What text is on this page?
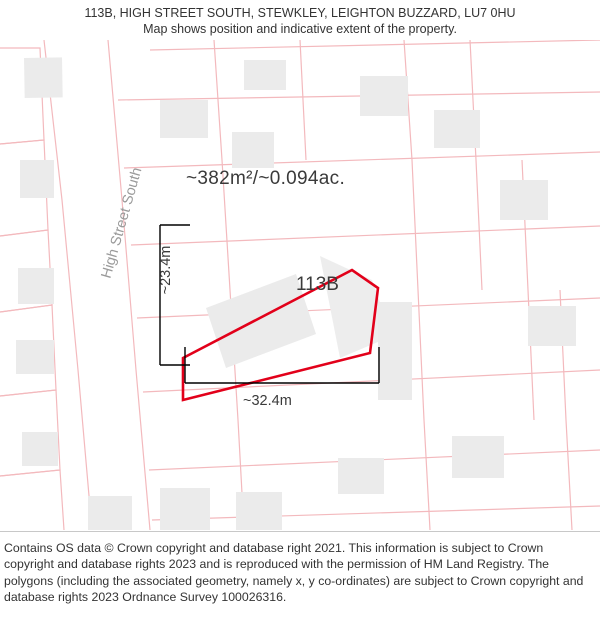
113B, HIGH STREET SOUTH, STEWKLEY, LEIGHTON BUZZARD, LU7 0HU
Map shows position and indicative extent of the property.
~382m²/~0.094ac.
113B
~32.4m
~23.4m
High Street South

Contains OS data © Crown copyright and database right 2021. This information is subject to Crown copyright and database rights 2023 and is reproduced with the permission of HM Land Registry. The polygons (including the associated geometry, namely x, y co-ordinates) are subject to Crown copyright and database rights 2023 Ordnance Survey 100026316.
